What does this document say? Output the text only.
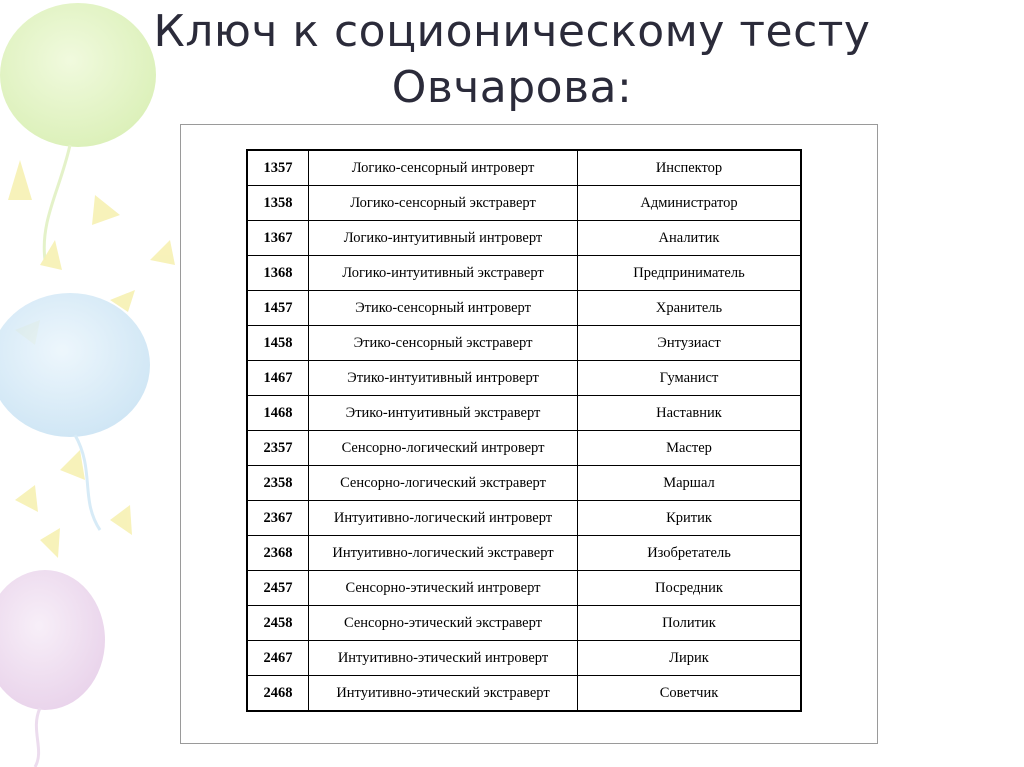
Ключ к соционическому тесту
Овчарова:
1357	Логико-сенсорный интроверт	Инспектор
1358	Логико-сенсорный экстраверт	Администратор
1367	Логико-интуитивный интроверт	Аналитик
1368	Логико-интуитивный экстраверт	Предприниматель
1457	Этико-сенсорный интроверт	Хранитель
1458	Этико-сенсорный экстраверт	Энтузиаст
1467	Этико-интуитивный интроверт	Гуманист
1468	Этико-интуитивный экстраверт	Наставник
2357	Сенсорно-логический интроверт	Мастер
2358	Сенсорно-логический экстраверт	Маршал
2367	Интуитивно-логический интроверт	Критик
2368	Интуитивно-логический экстраверт	Изобретатель
2457	Сенсорно-этический интроверт	Посредник
2458	Сенсорно-этический экстраверт	Политик
2467	Интуитивно-этический интроверт	Лирик
2468	Интуитивно-этический экстраверт	Советчик
